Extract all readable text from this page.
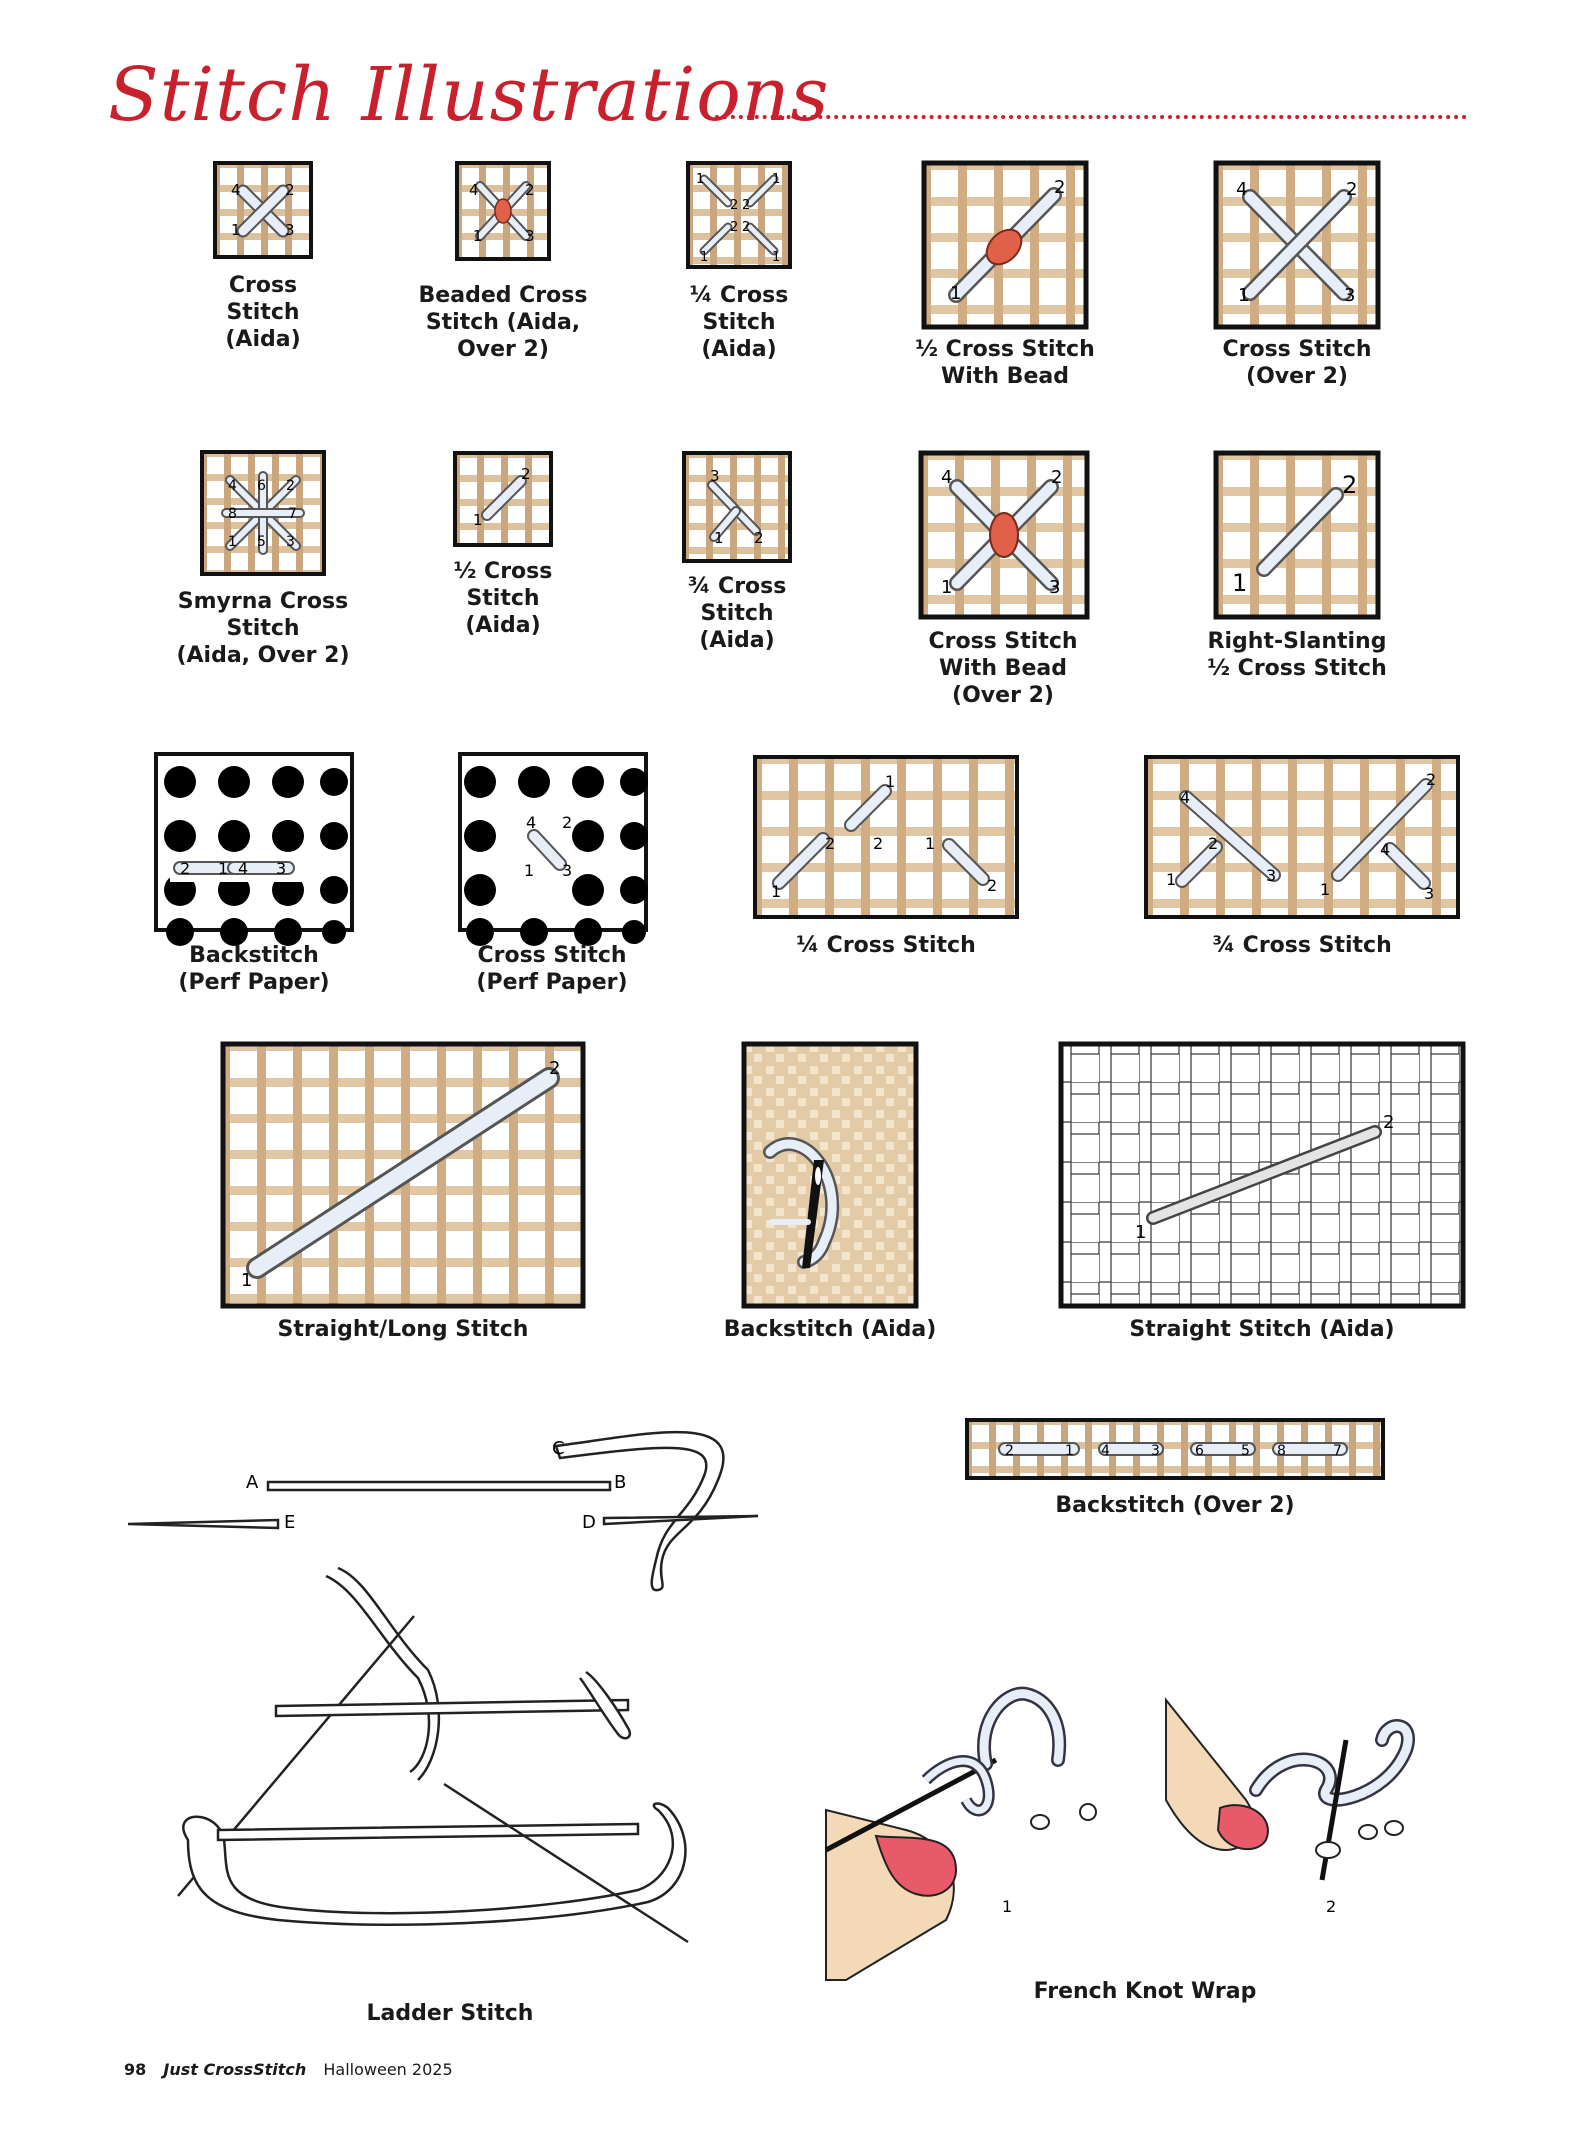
Stitch Illustrations
4	2
1	3
Cross
Stitch
(Aida)
4	2
1	3
Beaded Cross
Stitch (Aida,
Over 2)
1	1
2 2
2 2
1	1
¼ Cross
Stitch
(Aida)
2
1
½ Cross Stitch
With Bead
4	2
1	3
Cross Stitch
(Over 2)
4 6 2
8	7
1 5 3
Smyrna Cross
Stitch
(Aida, Over 2)
2
1
½ Cross
Stitch
(Aida)
3
1 2
¾ Cross
Stitch
(Aida)
4	2
1	3
Cross Stitch
With Bead
(Over 2)
2
1
Right-Slanting
½ Cross Stitch
2 1 4 3
Backstitch
(Perf Paper)
4 2
1 3
Cross Stitch
(Perf Paper)
1
2 2	1
1
2
¼ Cross Stitch
4
2
3
1
2	4
1	3
¾ Cross Stitch
2
1
Straight/Long Stitch	Backstitch (Aida)
2
1
Straight Stitch (Aida)
2	1 4	3	6	5 8	7
Backstitch (Over 2)
A
C
B
E	D
Ladder Stitch
1	2
French Knot Wrap
98 Just CrossStitch Halloween 2025
